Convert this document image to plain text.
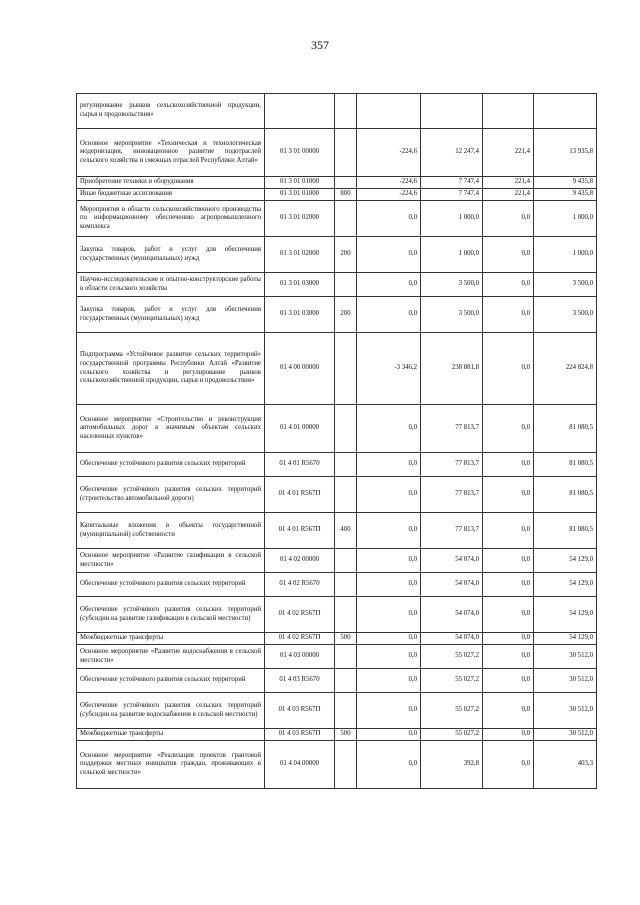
357
регулирование рынков сельскохозяйственной продукции, сырья и продовольствия»						
Основное мероприятие «Техническая и технологическая модернизация, инновационное развитие подотраслей сельского хозяйства и смежных отраслей Республики Алтай»	01 3 01 00000		-224,6	12 247,4	221,4	13 935,8
Приобретение техники и оборудования	01 3 01 01000		-224,6	7 747,4	221,4	9 435,8
Иные бюджетные ассигнования	01 3 01 01000	800	-224,6	7 747,4	221,4	9 435,8
Мероприятия в области сельскохозяйственного производства по информационному обеспечению агропромышленного комплекса	01 3 01 02000		0,0	1 000,0	0,0	1 000,0
Закупка товаров, работ и услуг для обеспечения государственных (муниципальных) нужд	01 3 01 02000	200	0,0	1 000,0	0,0	1 000,0
Научно-исследовательские и опытно-конструкторские работы в области сельского хозяйства	01 3 01 03000		0,0	3 500,0	0,0	3 500,0
Закупка товаров, работ и услуг для обеспечения государственных (муниципальных) нужд	01 3 01 03000	200	0,0	3 500,0	0,0	3 500,0
Подпрограмма «Устойчивое развитие сельских территорий» государственной программы Республики Алтай «Развитие сельского хозяйства и регулирование рынков сельскохозяйственной продукции, сырья и продовольствия»	01 4 00 00000		-3 346,2	238 881,8	0,0	224 824,8
Основное мероприятие «Строительство и реконструкция автомобильных дорог к значимым объектам сельских населенных пунктов»	01 4 01 00000		0,0	77 813,7	0,0	81 080,5
Обеспечение устойчивого развития сельских территорий	01 4 01 R5670		0,0	77 813,7	0,0	81 080,5
Обеспечение устойчивого развития сельских территорий (строительство автомобильной дороги)	01 4 01 R567П		0,0	77 813,7	0,0	81 080,5
Капитальные вложения в объекты государственной (муниципальной) собственности	01 4 01 R567П	400	0,0	77 813,7	0,0	81 080,5
Основное мероприятие «Развитие газификации в сельской местности»	01 4 02 00000		0,0	54 074,0	0,0	54 129,0
Обеспечение устойчивого развития сельских территорий	01 4 02 R5670		0,0	54 074,0	0,0	54 129,0
Обеспечение устойчивого развития сельских территорий (субсидии на развитие газификации в сельской местности)	01 4 02 R567П		0,0	54 074,0	0,0	54 129,0
Межбюджетные трансферты	01 4 02 R567П	500	0,0	54 074,0	0,0	54 129,0
Основное мероприятие «Развитие водоснабжения в сельской местности»	01 4 03 00000		0,0	55 027,2	0,0	30 512,0
Обеспечение устойчивого развития сельских территорий	01 4 03 R5670		0,0	55 027,2	0,0	30 512,0
Обеспечение устойчивого развития сельских территорий (субсидии на развитие водоснабжения в сельской местности)	01 4 03 R567П		0,0	55 027,2	0,0	30 512,0
Межбюджетные трансферты	01 4 03 R567П	500	0,0	55 027,2	0,0	30 512,0
Основное мероприятие «Реализация проектов грантовой поддержки местных инициатив граждан, проживающих в сельской местности»	01 4 04 00000		0,0	392,8	0,0	403,3
